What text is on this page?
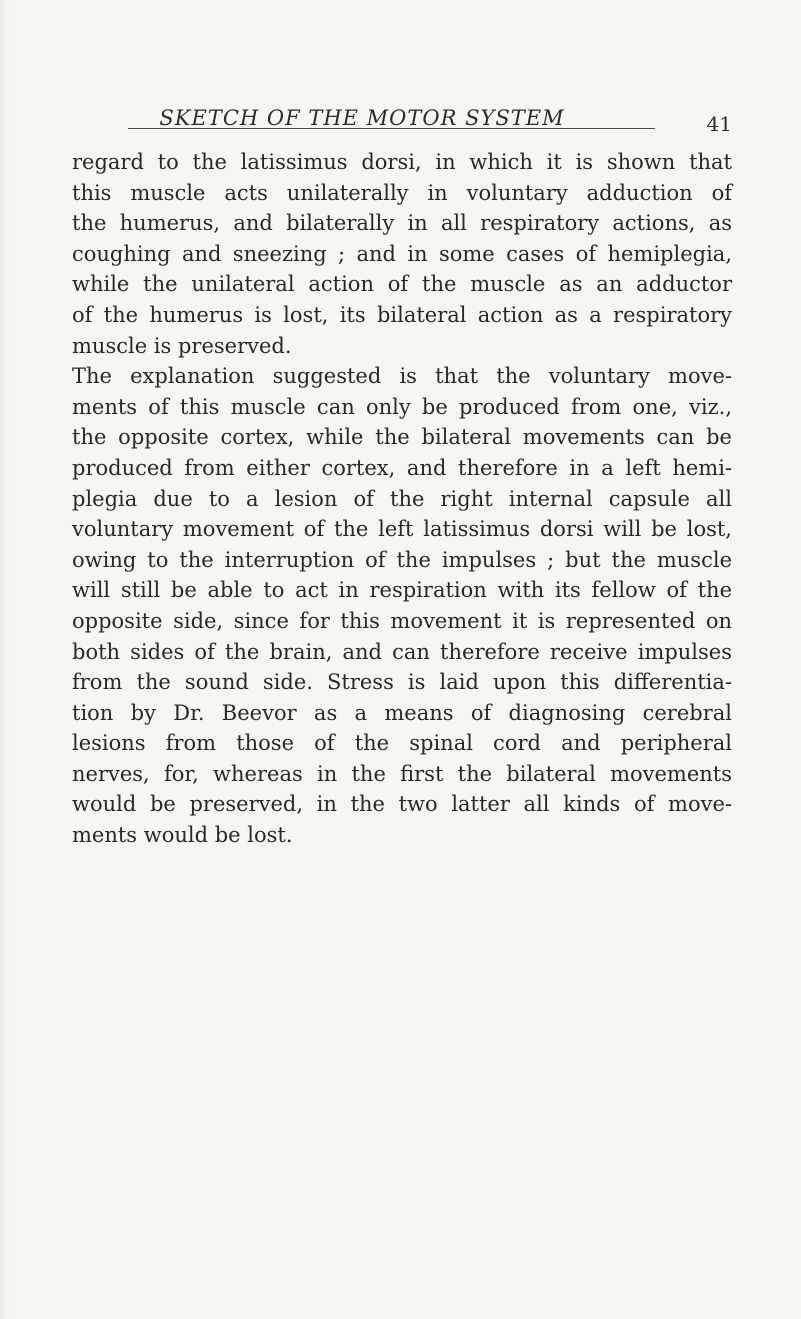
SKETCH OF THE MOTOR SYSTEM	41
regard to the latissimus dorsi, in which it is shown that
this muscle acts unilaterally in voluntary adduction of
the humerus, and bilaterally in all respiratory actions, as
coughing and sneezing ; and in some cases of hemiplegia,
while the unilateral action of the muscle as an adductor
of the humerus is lost, its bilateral action as a respiratory
muscle is preserved.
The explanation suggested is that the voluntary move-
ments of this muscle can only be produced from one, viz.,
the opposite cortex, while the bilateral movements can be
produced from either cortex, and therefore in a left hemi-
plegia due to a lesion of the right internal capsule all
voluntary movement of the left latissimus dorsi will be lost,
owing to the interruption of the impulses ; but the muscle
will still be able to act in respiration with its fellow of the
opposite side, since for this movement it is represented on
both sides of the brain, and can therefore receive impulses
from the sound side. Stress is laid upon this differentia-
tion by Dr. Beevor as a means of diagnosing cerebral
lesions from those of the spinal cord and peripheral
nerves, for, whereas in the first the bilateral movements
would be preserved, in the two latter all kinds of move-
ments would be lost.
